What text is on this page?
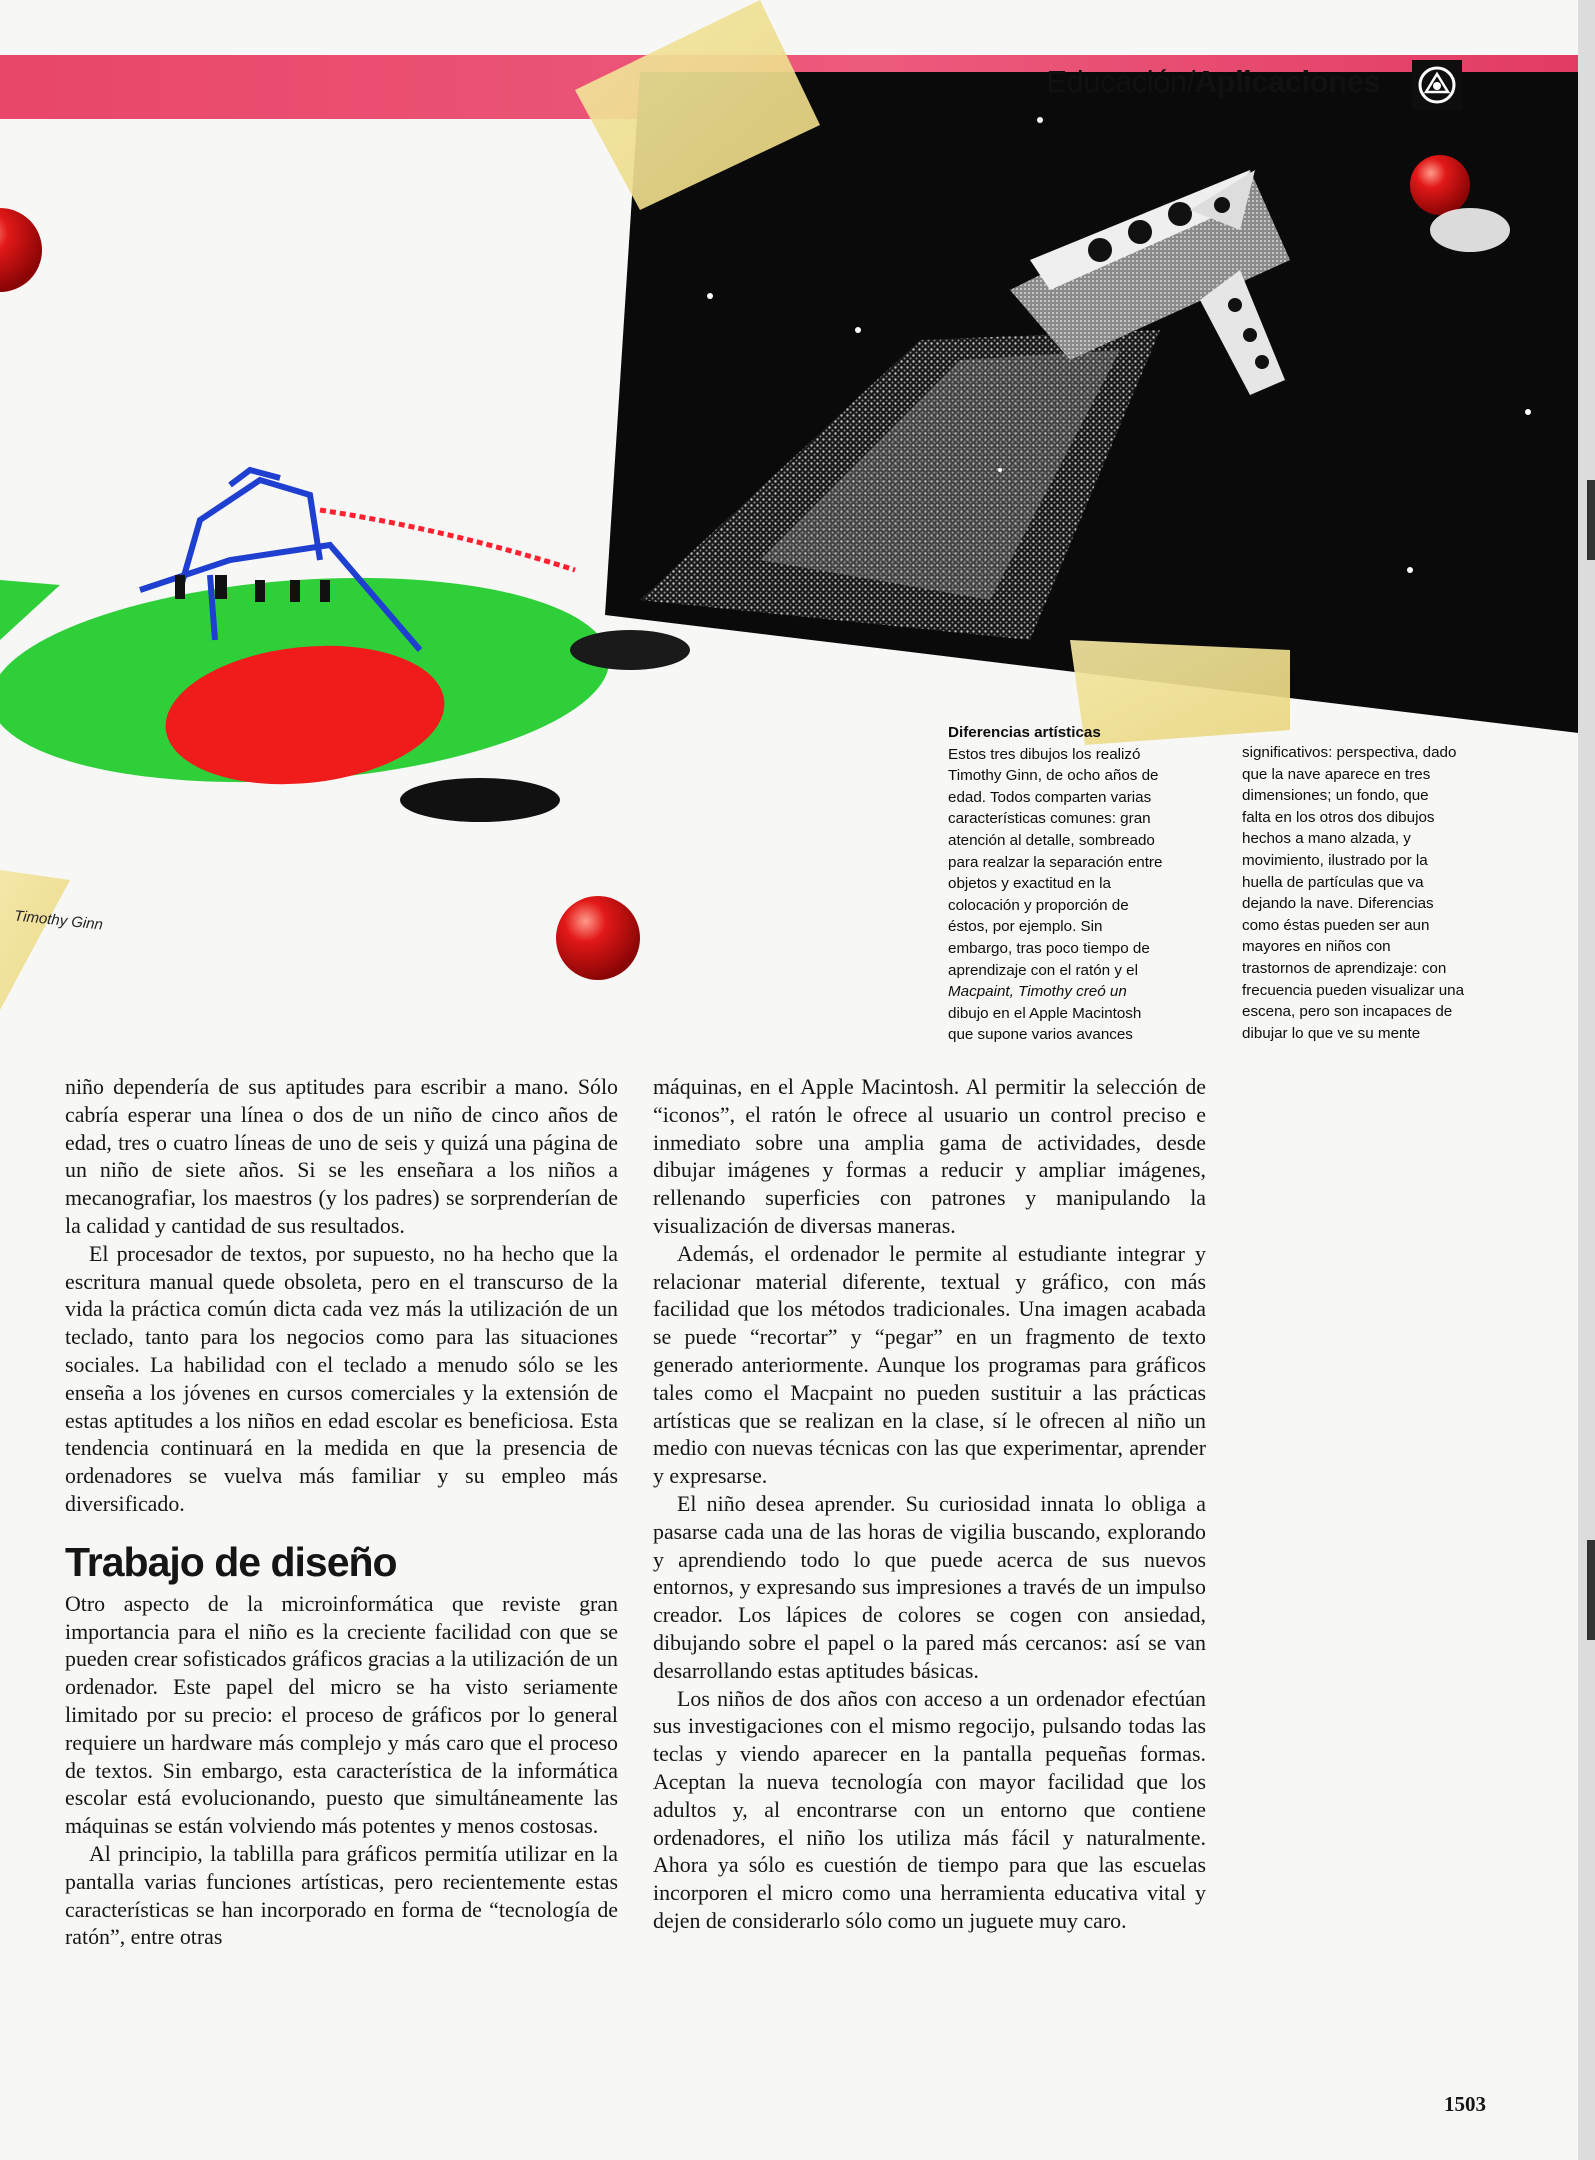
Educación/Aplicaciones
Timothy Ginn
Diferencias artísticas
Estos tres dibujos los realizó
Timothy Ginn, de ocho años de
edad. Todos comparten varias
características comunes: gran
atención al detalle, sombreado
para realzar la separación entre
objetos y exactitud en la
colocación y proporción de
éstos, por ejemplo. Sin
embargo, tras poco tiempo de
aprendizaje con el ratón y el
Macpaint, Timothy creó un
dibujo en el Apple Macintosh
que supone varios avances
significativos: perspectiva, dado
que la nave aparece en tres
dimensiones; un fondo, que
falta en los otros dos dibujos
hechos a mano alzada, y
movimiento, ilustrado por la
huella de partículas que va
dejando la nave. Diferencias
como éstas pueden ser aun
mayores en niños con
trastornos de aprendizaje: con
frecuencia pueden visualizar una
escena, pero son incapaces de
dibujar lo que ve su mente

niño dependería de sus aptitudes para escribir a mano. Sólo cabría esperar una línea o dos de un niño de cinco años de edad, tres o cuatro líneas de uno de seis y quizá una página de un niño de siete años. Si se les enseñara a los niños a mecanografiar, los maestros (y los padres) se sorprenderían de la calidad y cantidad de sus resultados.

El procesador de textos, por supuesto, no ha hecho que la escritura manual quede obsoleta, pero en el transcurso de la vida la práctica común dicta cada vez más la utilización de un teclado, tanto para los negocios como para las situaciones sociales. La habilidad con el teclado a menudo sólo se les enseña a los jóvenes en cursos comerciales y la extensión de estas aptitudes a los niños en edad escolar es beneficiosa. Esta tendencia continuará en la medida en que la presencia de ordenadores se vuelva más familiar y su empleo más diversificado.

Trabajo de diseño

Otro aspecto de la microinformática que reviste gran importancia para el niño es la creciente facilidad con que se pueden crear sofisticados gráficos gracias a la utilización de un ordenador. Este papel del micro se ha visto seriamente limitado por su precio: el proceso de gráficos por lo general requiere un hardware más complejo y más caro que el proceso de textos. Sin embargo, esta característica de la informática escolar está evolucionando, puesto que simultáneamente las máquinas se están volviendo más potentes y menos costosas.

Al principio, la tablilla para gráficos permitía utilizar en la pantalla varias funciones artísticas, pero recientemente estas características se han incorporado en forma de “tecnología de ratón”, entre otras

máquinas, en el Apple Macintosh. Al permitir la selección de “iconos”, el ratón le ofrece al usuario un control preciso e inmediato sobre una amplia gama de actividades, desde dibujar imágenes y formas a reducir y ampliar imágenes, rellenando superficies con patrones y manipulando la visualización de diversas maneras.

Además, el ordenador le permite al estudiante integrar y relacionar material diferente, textual y gráfico, con más facilidad que los métodos tradicionales. Una imagen acabada se puede “recortar” y “pegar” en un fragmento de texto generado anteriormente. Aunque los programas para gráficos tales como el Macpaint no pueden sustituir a las prácticas artísticas que se realizan en la clase, sí le ofrecen al niño un medio con nuevas técnicas con las que experimentar, aprender y expresarse.

El niño desea aprender. Su curiosidad innata lo obliga a pasarse cada una de las horas de vigilia buscando, explorando y aprendiendo todo lo que puede acerca de sus nuevos entornos, y expresando sus impresiones a través de un impulso creador. Los lápices de colores se cogen con ansiedad, dibujando sobre el papel o la pared más cercanos: así se van desarrollando estas aptitudes básicas.

Los niños de dos años con acceso a un ordenador efectúan sus investigaciones con el mismo regocijo, pulsando todas las teclas y viendo aparecer en la pantalla pequeñas formas. Aceptan la nueva tecnología con mayor facilidad que los adultos y, al encontrarse con un entorno que contiene ordenadores, el niño los utiliza más fácil y naturalmente. Ahora ya sólo es cuestión de tiempo para que las escuelas incorporen el micro como una herramienta educativa vital y dejen de considerarlo sólo como un juguete muy caro.

1503
